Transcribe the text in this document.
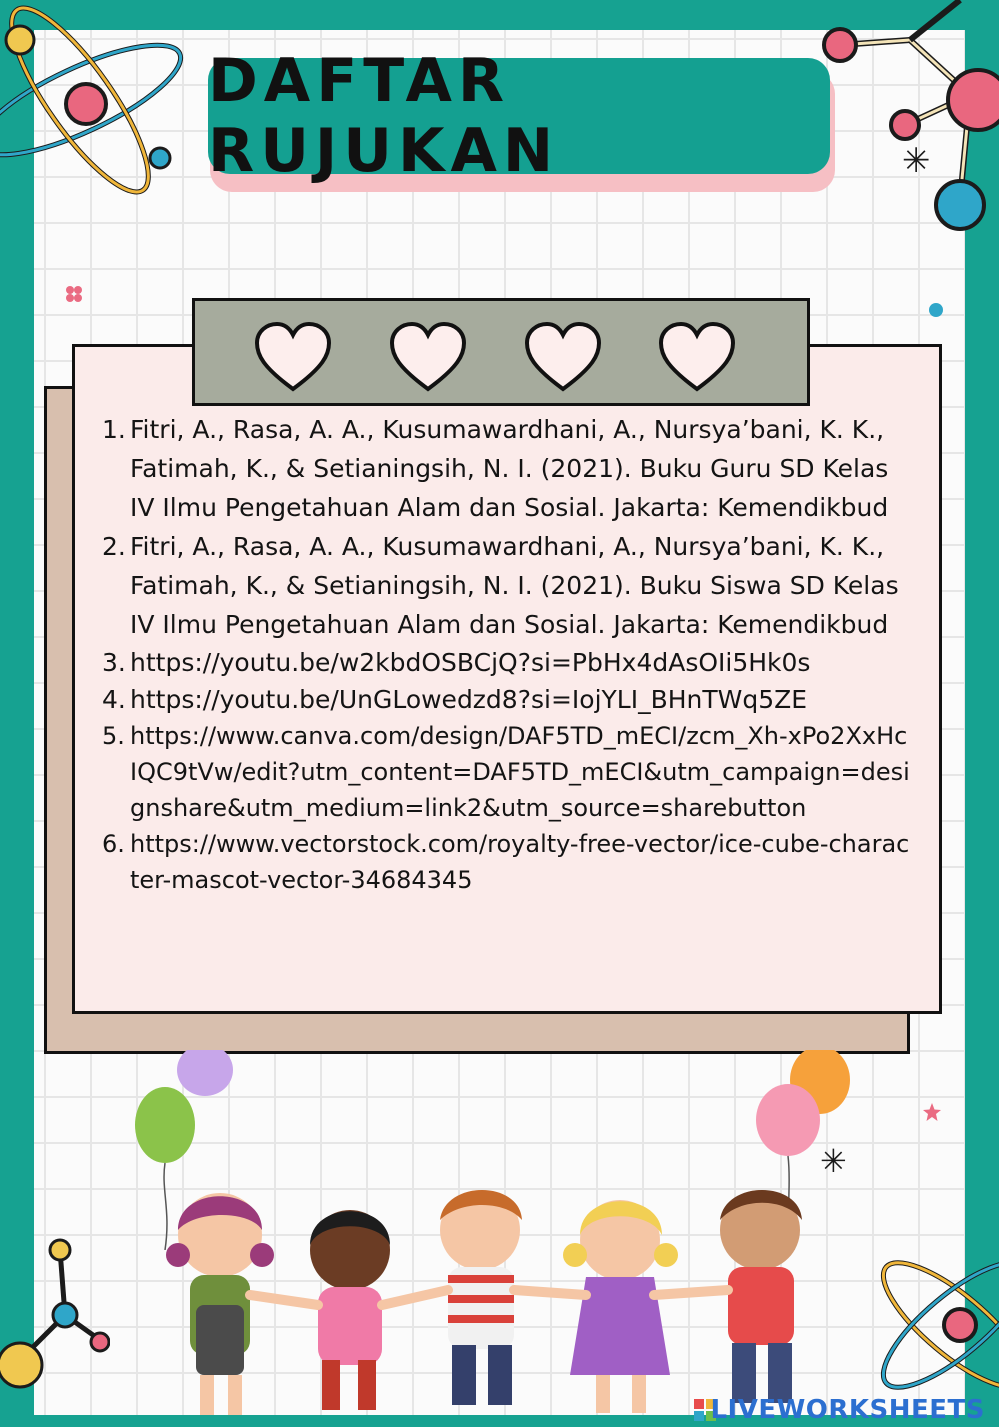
✳
DAFTAR RUJUKAN
1. Fitri, A., Rasa, A. A., Kusumawardhani, A., Nursya’bani, K. K., Fatimah, K., & Setianingsih, N. I. (2021). Buku Guru SD Kelas IV Ilmu Pengetahuan Alam dan Sosial. Jakarta: Kemendikbud
2. Fitri, A., Rasa, A. A., Kusumawardhani, A., Nursya’bani, K. K., Fatimah, K., & Setianingsih, N. I. (2021). Buku Siswa SD Kelas IV Ilmu Pengetahuan Alam dan Sosial. Jakarta: Kemendikbud
3. https://youtu.be/w2kbdOSBCjQ?si=PbHx4dAsOIi5Hk0s
4. https://youtu.be/UnGLowedzd8?si=IojYLI_BHnTWq5ZE
5. https://www.canva.com/design/DAF5TD_mECI/zcm_Xh-xPo2XxHcIQC9tVw/edit?utm_content=DAF5TD_mECI&utm_campaign=designshare&utm_medium=link2&utm_source=sharebutton
6. https://www.vectorstock.com/royalty-free-vector/ice-cube-character-mascot-vector-34684345
✳
LIVEWORKSHEETS
